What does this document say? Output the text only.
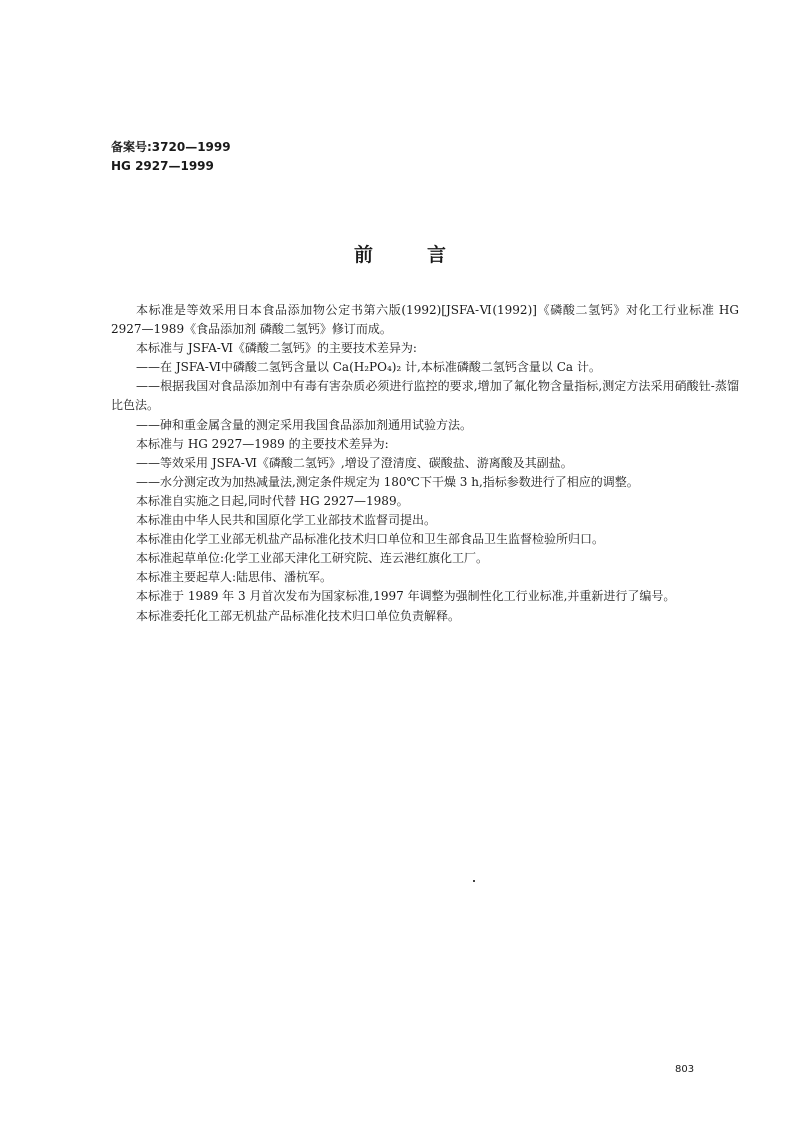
备案号:3720—1999
HG 2927—1999
前言

本标准是等效采用日本食品添加物公定书第六版(1992)[JSFA-Ⅵ(1992)]《磷酸二氢钙》对化工行业标准 HG 2927—1989《食品添加剂 磷酸二氢钙》修订而成。

本标准与 JSFA-Ⅵ《磷酸二氢钙》的主要技术差异为:

——在 JSFA-Ⅵ中磷酸二氢钙含量以 Ca(H₂PO₄)₂ 计,本标准磷酸二氢钙含量以 Ca 计。

——根据我国对食品添加剂中有毒有害杂质必须进行监控的要求,增加了氟化物含量指标,测定方法采用硝酸钍-蒸馏比色法。

——砷和重金属含量的测定采用我国食品添加剂通用试验方法。

本标准与 HG 2927—1989 的主要技术差异为:

——等效采用 JSFA-Ⅵ《磷酸二氢钙》,增设了澄清度、碳酸盐、游离酸及其副盐。

——水分测定改为加热减量法,测定条件规定为 180℃下干燥 3 h,指标参数进行了相应的调整。

本标准自实施之日起,同时代替 HG 2927—1989。

本标准由中华人民共和国原化学工业部技术监督司提出。

本标准由化学工业部无机盐产品标准化技术归口单位和卫生部食品卫生监督检验所归口。

本标准起草单位:化学工业部天津化工研究院、连云港红旗化工厂。

本标准主要起草人:陆思伟、潘杭军。

本标准于 1989 年 3 月首次发布为国家标准,1997 年调整为强制性化工行业标准,并重新进行了编号。

本标准委托化工部无机盐产品标准化技术归口单位负责解释。

803
